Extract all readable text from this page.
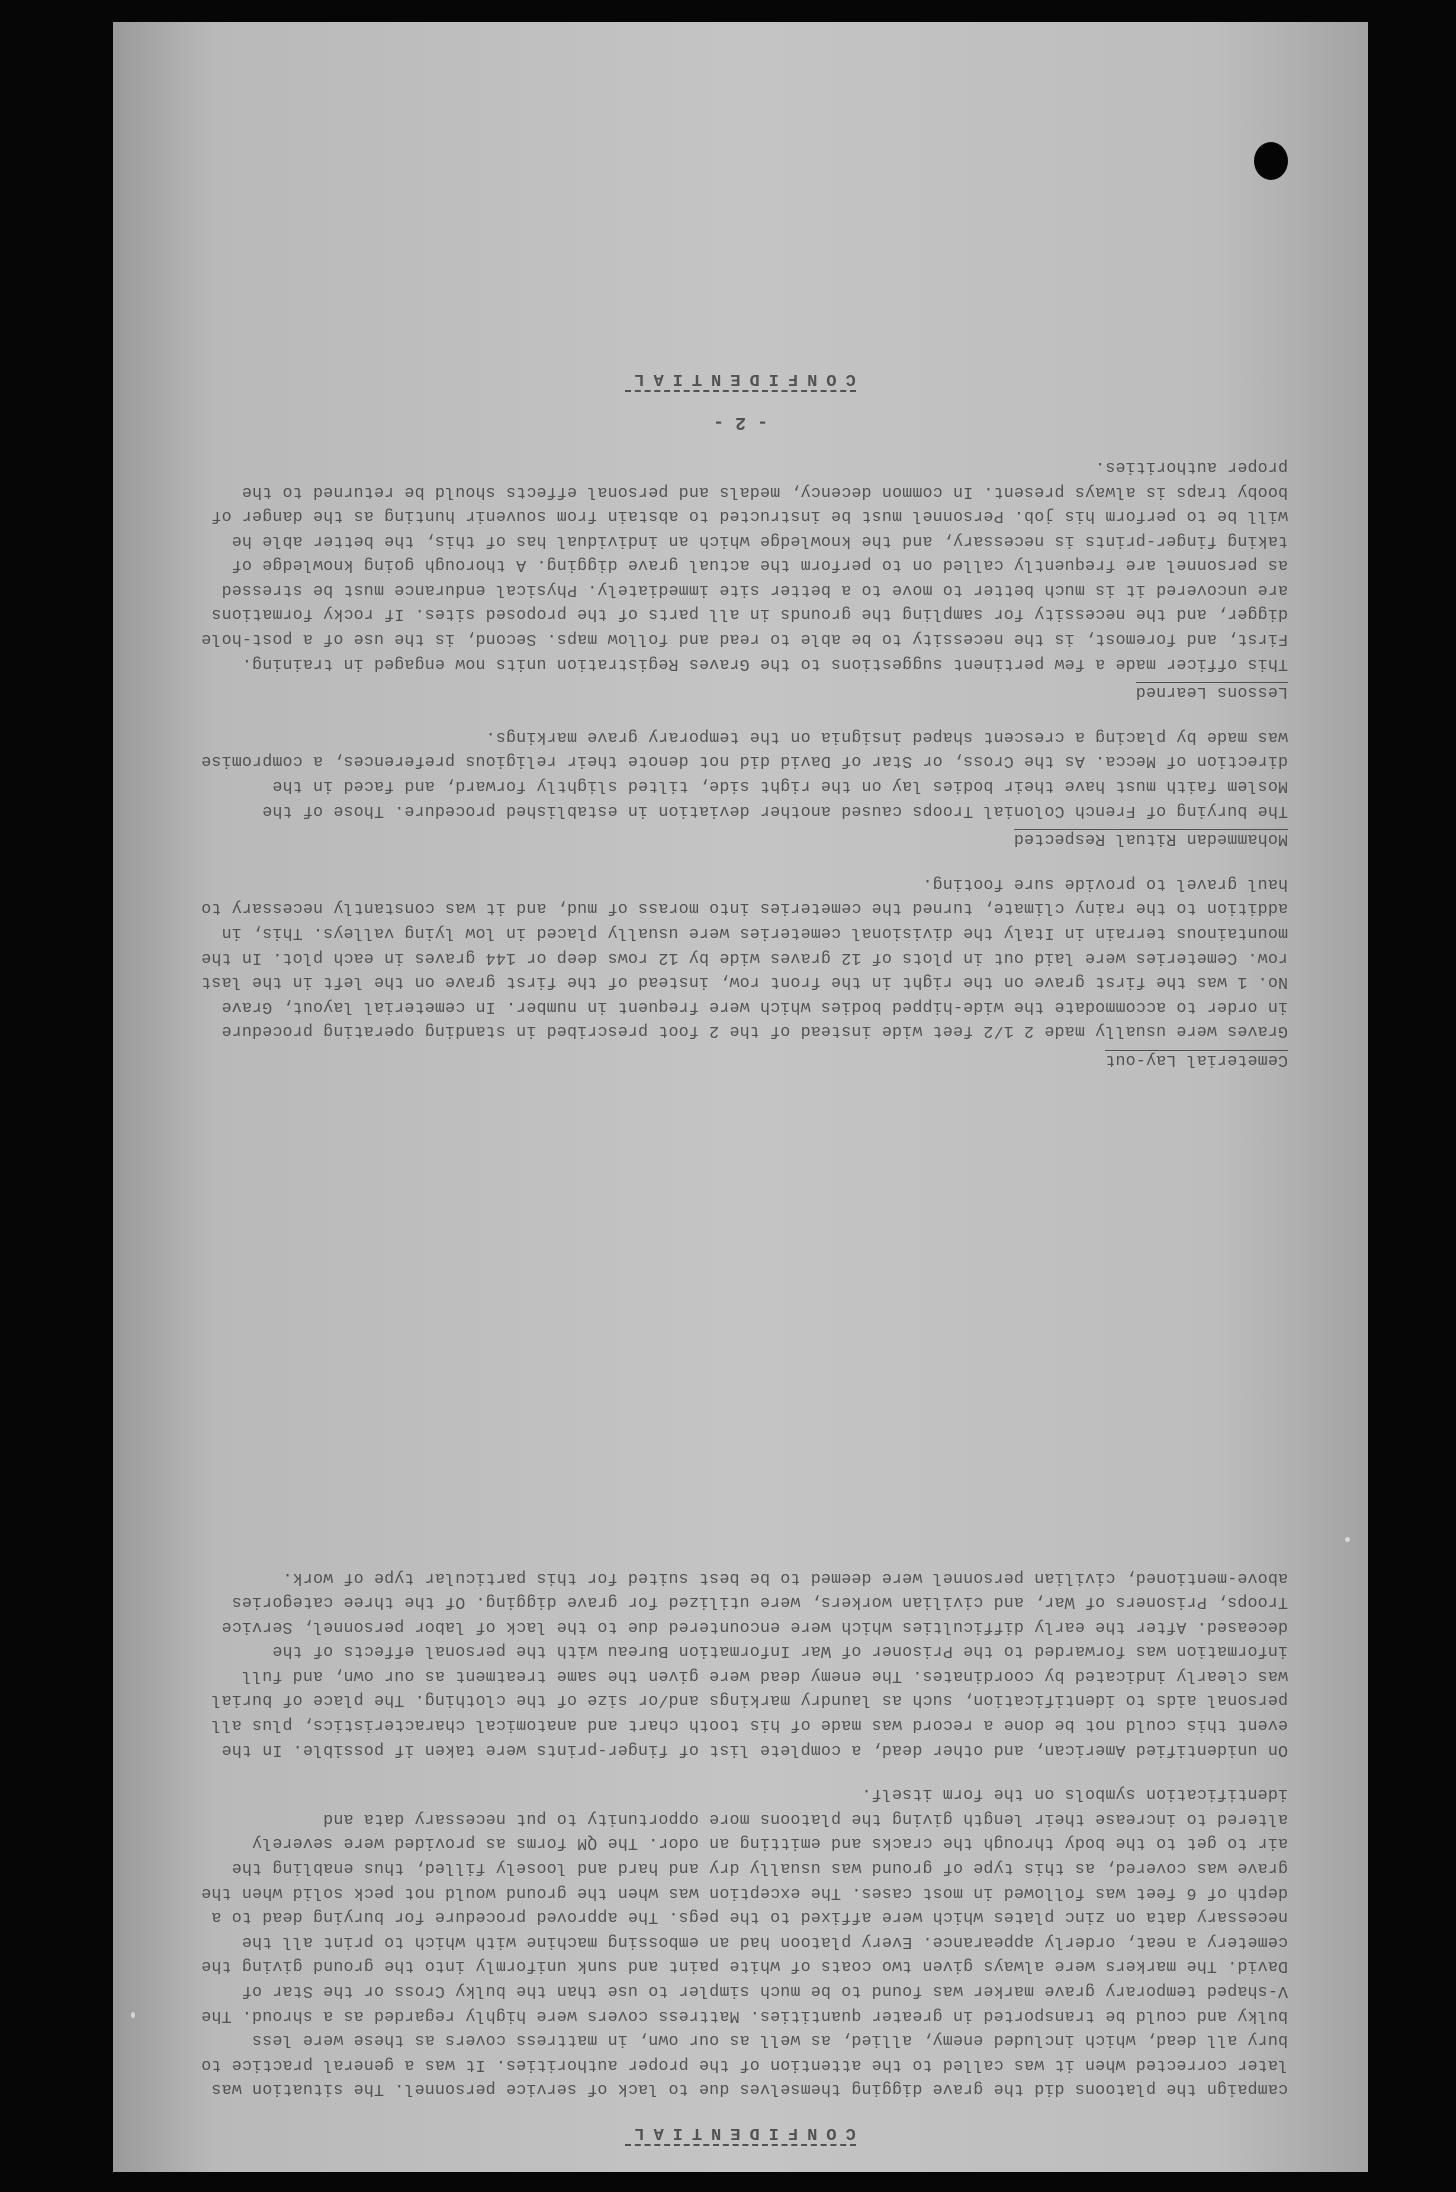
CONFIDENTIAL

campaign the platoons did the grave digging themselves due to lack of service personnel. The situation was later corrected when it was called to the attention of the proper authorities. It was a general practice to bury all dead, which included enemy, allied, as well as our own, in mattress covers as these were less bulky and could be transported in greater quantities. Mattress covers were highly regarded as a shroud. The V-shaped temporary grave marker was found to be much simpler to use than the bulky Cross or the Star of David. The markers were always given two coats of white paint and sunk uniformly into the ground giving the cemetery a neat, orderly appearance. Every platoon had an embossing machine with which to print all the necessary data on zinc plates which were affixed to the pegs. The approved procedure for burying dead to a depth of 6 feet was followed in most cases. The exception was when the ground would not peck solid when the grave was covered, as this type of ground was usually dry and hard and loosely filled, thus enabling the air to get to the body through the cracks and emitting an odor. The QM forms as provided were severely altered to increase their length giving the platoons more opportunity to put necessary data and identification symbols on the form itself.

On unidentified American, and other dead, a complete list of finger-prints were taken if possible. In the event this could not be done a record was made of his tooth chart and anatomical characteristics, plus all personal aids to identification, such as laundry markings and/or size of the clothing. The place of burial was clearly indicated by coordinates. The enemy dead were given the same treatment as our own, and full information was forwarded to the Prisoner of War Information Bureau with the personal effects of the deceased. After the early difficulties which were encountered due to the lack of labor personnel, Service Troops, Prisoners of War, and civilian workers, were utilized for grave digging. Of the three categories above-mentioned, civilian personnel were deemed to be best suited for this particular type of work.

Cemeterial Lay-out

Graves were usually made 2 1/2 feet wide instead of the 2 foot prescribed in standing operating procedure in order to accommodate the wide-hipped bodies which were frequent in number. In cemeterial layout, Grave No. 1 was the first grave on the right in the front row, instead of the first grave on the left in the last row. Cemeteries were laid out in plots of 12 graves wide by 12 rows deep or 144 graves in each plot. In the mountainous terrain in Italy the divisional cemeteries were usually placed in low lying valleys. This, in addition to the rainy climate, turned the cemeteries into morass of mud, and it was constantly necessary to haul gravel to provide sure footing.

Mohammedan Ritual Respected

The burying of French Colonial Troops caused another deviation in established procedure. Those of the Moslem faith must have their bodies lay on the right side, tilted slightly forward, and faced in the direction of Mecca. As the Cross, or Star of David did not denote their religious preferences, a compromise was made by placing a crescent shaped insignia on the temporary grave markings.

Lessons Learned

This officer made a few pertinent suggestions to the Graves Registration units now engaged in training. First, and foremost, is the necessity to be able to read and follow maps. Second, is the use of a post-hole digger, and the necessity for sampling the grounds in all parts of the proposed sites. If rocky formations are uncovered it is much better to move to a better site immediately. Physical endurance must be stressed as personnel are frequently called on to perform the actual grave digging. A thorough going knowledge of taking finger-prints is necessary, and the knowledge which an individual has of this, the better able he will be to perform his job. Personnel must be instructed to abstain from souvenir hunting as the danger of booby traps is always present. In common decency, medals and personal effects should be returned to the proper authorities.

- 2 -
CONFIDENTIAL
